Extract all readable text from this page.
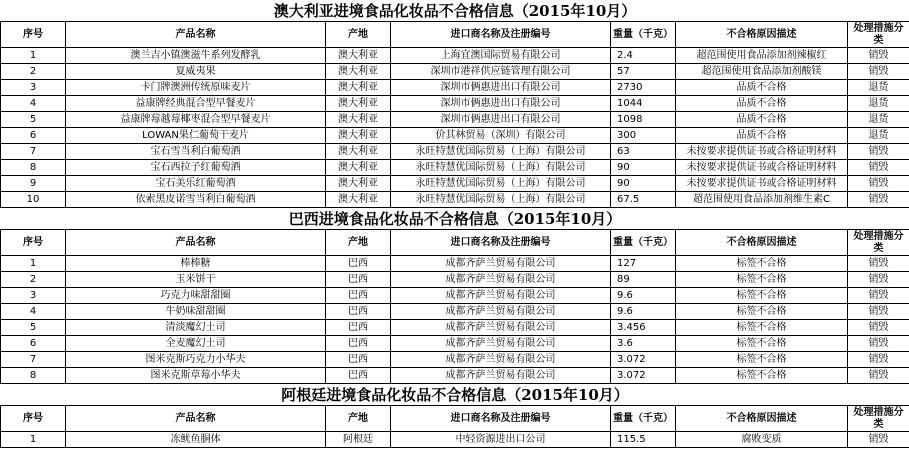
澳大利亚进境食品化妆品不合格信息（2015年10月）						
序号	产品名称	产地	进口商名称及注册编号	重量（千克）	不合格原因描述	处理措施分类
1	澳兰吉小镇澳滋牛系列发酵乳	澳大利亚	上海宜澳国际贸易有限公司	2.4	超范围使用食品添加剂辣椒红	销毁
2	夏威夷果	澳大利亚	深圳市港祥供应链管理有限公司	57	超范围使用食品添加剂酸镁	销毁
3	卡门牌澳洲传统原味麦片	澳大利亚	深圳市俩惠进出口有限公司	2730	品质不合格	退货
4	益康牌经典混合型早餐麦片	澳大利亚	深圳市俩惠进出口有限公司	1044	品质不合格	退货
5	益康牌莓越莓椰枣混合型早餐麦片	澳大利亚	深圳市俩惠进出口有限公司	1098	品质不合格	退货
6	LOWAN果仁葡萄干麦片	澳大利亚	价其林贸易（深圳）有限公司	300	品质不合格	退货
7	宝石雪当利白葡萄酒	澳大利亚	永旺特慧优国际贸易（上海）有限公司	63	未按要求提供证书或合格证明材料	销毁
8	宝石西拉子红葡萄酒	澳大利亚	永旺特慧优国际贸易（上海）有限公司	90	未按要求提供证书或合格证明材料	销毁
9	宝石美乐红葡萄酒	澳大利亚	永旺特慧优国际贸易（上海）有限公司	90	未按要求提供证书或合格证明材料	销毁
10	依索黑皮诺雪当利白葡萄酒	澳大利亚	永旺特慧优国际贸易（上海）有限公司	67.5	超范围使用食品添加剂维生素C	销毁
巴西进境食品化妆品不合格信息（2015年10月）						
序号	产品名称	产地	进口商名称及注册编号	重量（千克）	不合格原因描述	处理措施分类
1	棒棒糖	巴西	成都齐萨兰贸易有限公司	127	标签不合格	销毁
2	玉米饼干	巴西	成都齐萨兰贸易有限公司	89	标签不合格	销毁
3	巧克力味甜甜圈	巴西	成都齐萨兰贸易有限公司	9.6	标签不合格	销毁
4	牛奶味甜甜圈	巴西	成都齐萨兰贸易有限公司	9.6	标签不合格	销毁
5	清淡魔幻土司	巴西	成都齐萨兰贸易有限公司	3.456	标签不合格	销毁
6	全麦魔幻土司	巴西	成都齐萨兰贸易有限公司	3.6	标签不合格	销毁
7	图米克斯巧克力小华夫	巴西	成都齐萨兰贸易有限公司	3.072	标签不合格	销毁
8	图米克斯草莓小华夫	巴西	成都齐萨兰贸易有限公司	3.072	标签不合格	销毁
阿根廷进境食品化妆品不合格信息（2015年10月）						
序号	产品名称	产地	进口商名称及注册编号	重量（千克）	不合格原因描述	处理措施分类
1	冻鱿鱼胴体	阿根廷	中轻资源进出口公司	115.5	腐败变质	销毁
